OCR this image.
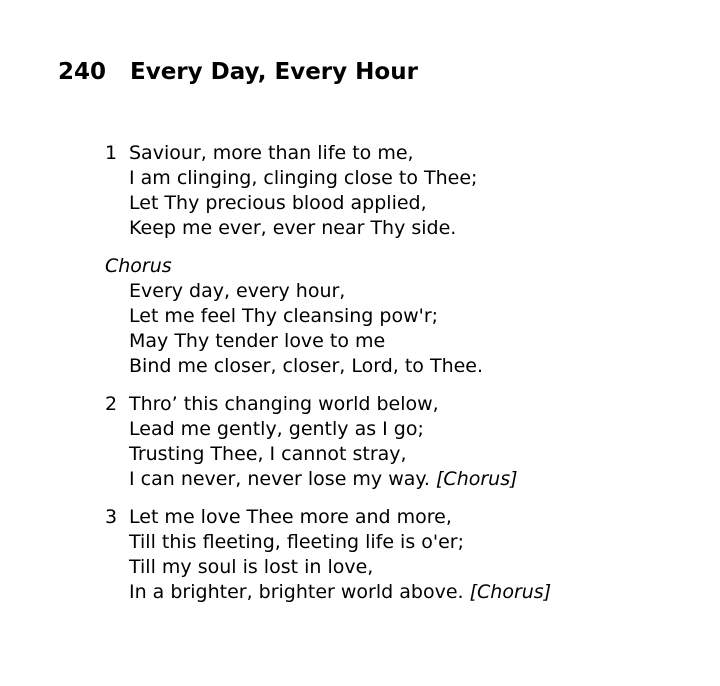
240 Every Day, Every Hour
1 Saviour, more than life to me,
I am clinging, clinging close to Thee;
Let Thy precious blood applied,
Keep me ever, ever near Thy side.
Chorus
Every day, every hour,
Let me feel Thy cleansing pow'r;
May Thy tender love to me
Bind me closer, closer, Lord, to Thee.
2 Thro’ this changing world below,
Lead me gently, gently as I go;
Trusting Thee, I cannot stray,
I can never, never lose my way. [Chorus]
3 Let me love Thee more and more,
Till this fleeting, fleeting life is o'er;
Till my soul is lost in love,
In a brighter, brighter world above. [Chorus]
